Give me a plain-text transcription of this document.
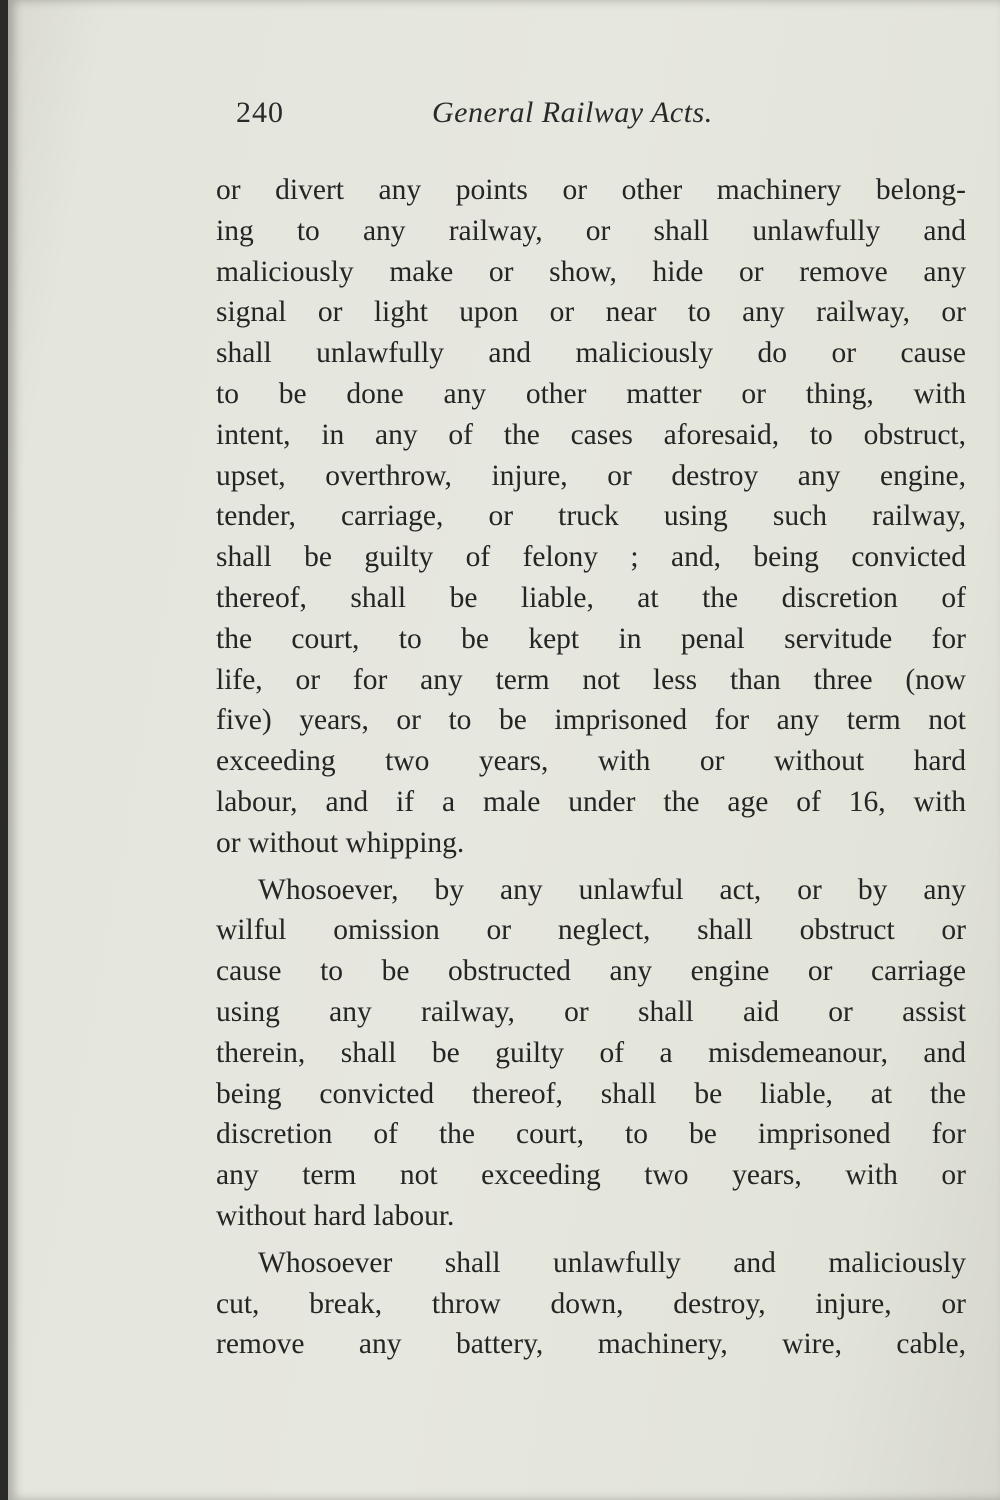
240	General Railway Acts.
or divert any points or other machinery belong-
ing to any railway, or shall unlawfully and
maliciously make or show, hide or remove any
signal or light upon or near to any railway, or
shall unlawfully and maliciously do or cause
to be done any other matter or thing, with
intent, in any of the cases aforesaid, to obstruct,
upset, overthrow, injure, or destroy any engine,
tender, carriage, or truck using such railway,
shall be guilty of felony ; and, being convicted
thereof, shall be liable, at the discretion of
the court, to be kept in penal servitude for
life, or for any term not less than three (now
five) years, or to be imprisoned for any term not
exceeding two years, with or without hard
labour, and if a male under the age of 16, with
or without whipping.
Whosoever, by any unlawful act, or by any
wilful omission or neglect, shall obstruct or
cause to be obstructed any engine or carriage
using any railway, or shall aid or assist
therein, shall be guilty of a misdemeanour, and
being convicted thereof, shall be liable, at the
discretion of the court, to be imprisoned for
any term not exceeding two years, with or
without hard labour.
Whosoever shall unlawfully and maliciously
cut, break, throw down, destroy, injure, or
remove any battery, machinery, wire, cable,
